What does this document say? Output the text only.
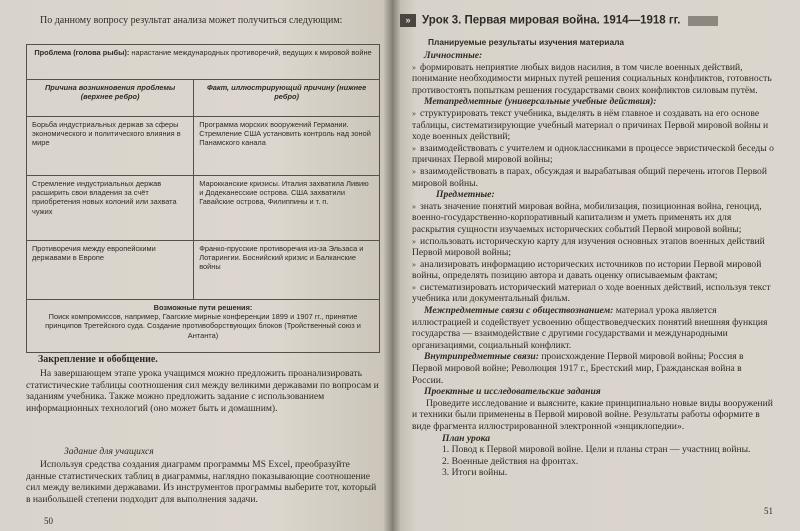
По данному вопросу результат анализа может получиться следующим:
Проблема (голова рыбы): нарастание международных противоречий, ведущих к мировой войне	
Причина возникновения проблемы (верхнее ребро)	Факт, иллюстрирующий причину (нижнее ребро)
Борьба индустриальных держав за сферы экономического и политического влияния в мире	Программа морских вооружений Германии. Стремление США установить контроль над зоной Панамского канала
Стремление индустриальных держав расширить свои владения за счёт приобретения новых колоний или захвата чужих	Марокканские кризисы. Италия захватила Ливию и Додеканесские острова. США захватили Гавайские острова, Филиппины и т. п.
Противоречия между европейскими державами в Европе	Франко-прусские противоречия из-за Эльзаса и Лотарингии. Боснийский кризис и Балканские войны

Возможные пути решения:
Поиск компромиссов, например, Гаагские мирные конференции 1899 и 1907 гг., принятие принципов Третейского суда. Создание противоборствующих блоков (Тройственный союз и Антанта)	
Закрепление и обобщение.
На завершающем этапе урока учащимся можно предложить проанализировать статистические таблицы соотношения сил между великими державами по вопросам и заданиям учебника. Также можно предложить задание с использованием информационных технологий (оно может быть и домашним).
Задание для учащихся
Используя средства создания диаграмм программы MS Excel, преобразуйте данные статистических таблиц в диаграммы, наглядно показывающие соотношение сил между великими державами. Из инструментов программы выберите тот, который в наибольшей степени подходит для выполнения задачи.
50
» Урок 3. Первая мировая война. 1914—1918 гг.
Планируемые результаты изучения материала
Личностные:
» формировать неприятие любых видов насилия, в том числе военных действий, понимание необходимости мирных путей решения социальных конфликтов, готовность противостоять попыткам решения государствами своих конфликтов силовым путём.
Метапредметные (универсальные учебные действия):
» структурировать текст учебника, выделять в нём главное и создавать на его основе таблицы, систематизирующие учебный материал о причинах Первой мировой войны и ходе военных действий;
» взаимодействовать с учителем и одноклассниками в процессе эвристической беседы о причинах Первой мировой войны;
» взаимодействовать в парах, обсуждая и вырабатывая общий перечень итогов Первой мировой войны.
Предметные:
» знать значение понятий мировая война, мобилизация, позиционная война, геноцид, военно-государственно-корпоративный капитализм и уметь применять их для раскрытия сущности изучаемых исторических событий Первой мировой войны;
» использовать историческую карту для изучения основных этапов военных действий Первой мировой войны;
» анализировать информацию исторических источников по истории Первой мировой войны, определять позицию автора и давать оценку описываемым фактам;
» систематизировать исторический материал о ходе военных действий, используя текст учебника или документальный фильм.
Межпредметные связи с обществознанием: материал урока является иллюстрацией и содействует усвоению обществоведческих понятий внешняя функция государства — взаимодействие с другими государствами и международными организациями, социальный конфликт.
Внутрипредметные связи: происхождение Первой мировой войны; Россия в Первой мировой войне; Революция 1917 г., Брестский мир, Гражданская война в России.
Проектные и исследовательские задания
Проведите исследование и выясните, какие принципиально новые виды вооружений и техники были применены в Первой мировой войне. Результаты работы оформите в виде фрагмента иллюстрированной электронной «энциклопедии».
План урока
1. Повод к Первой мировой войне. Цели и планы стран — участниц войны.
2. Военные действия на фронтах.
3. Итоги войны.
51
